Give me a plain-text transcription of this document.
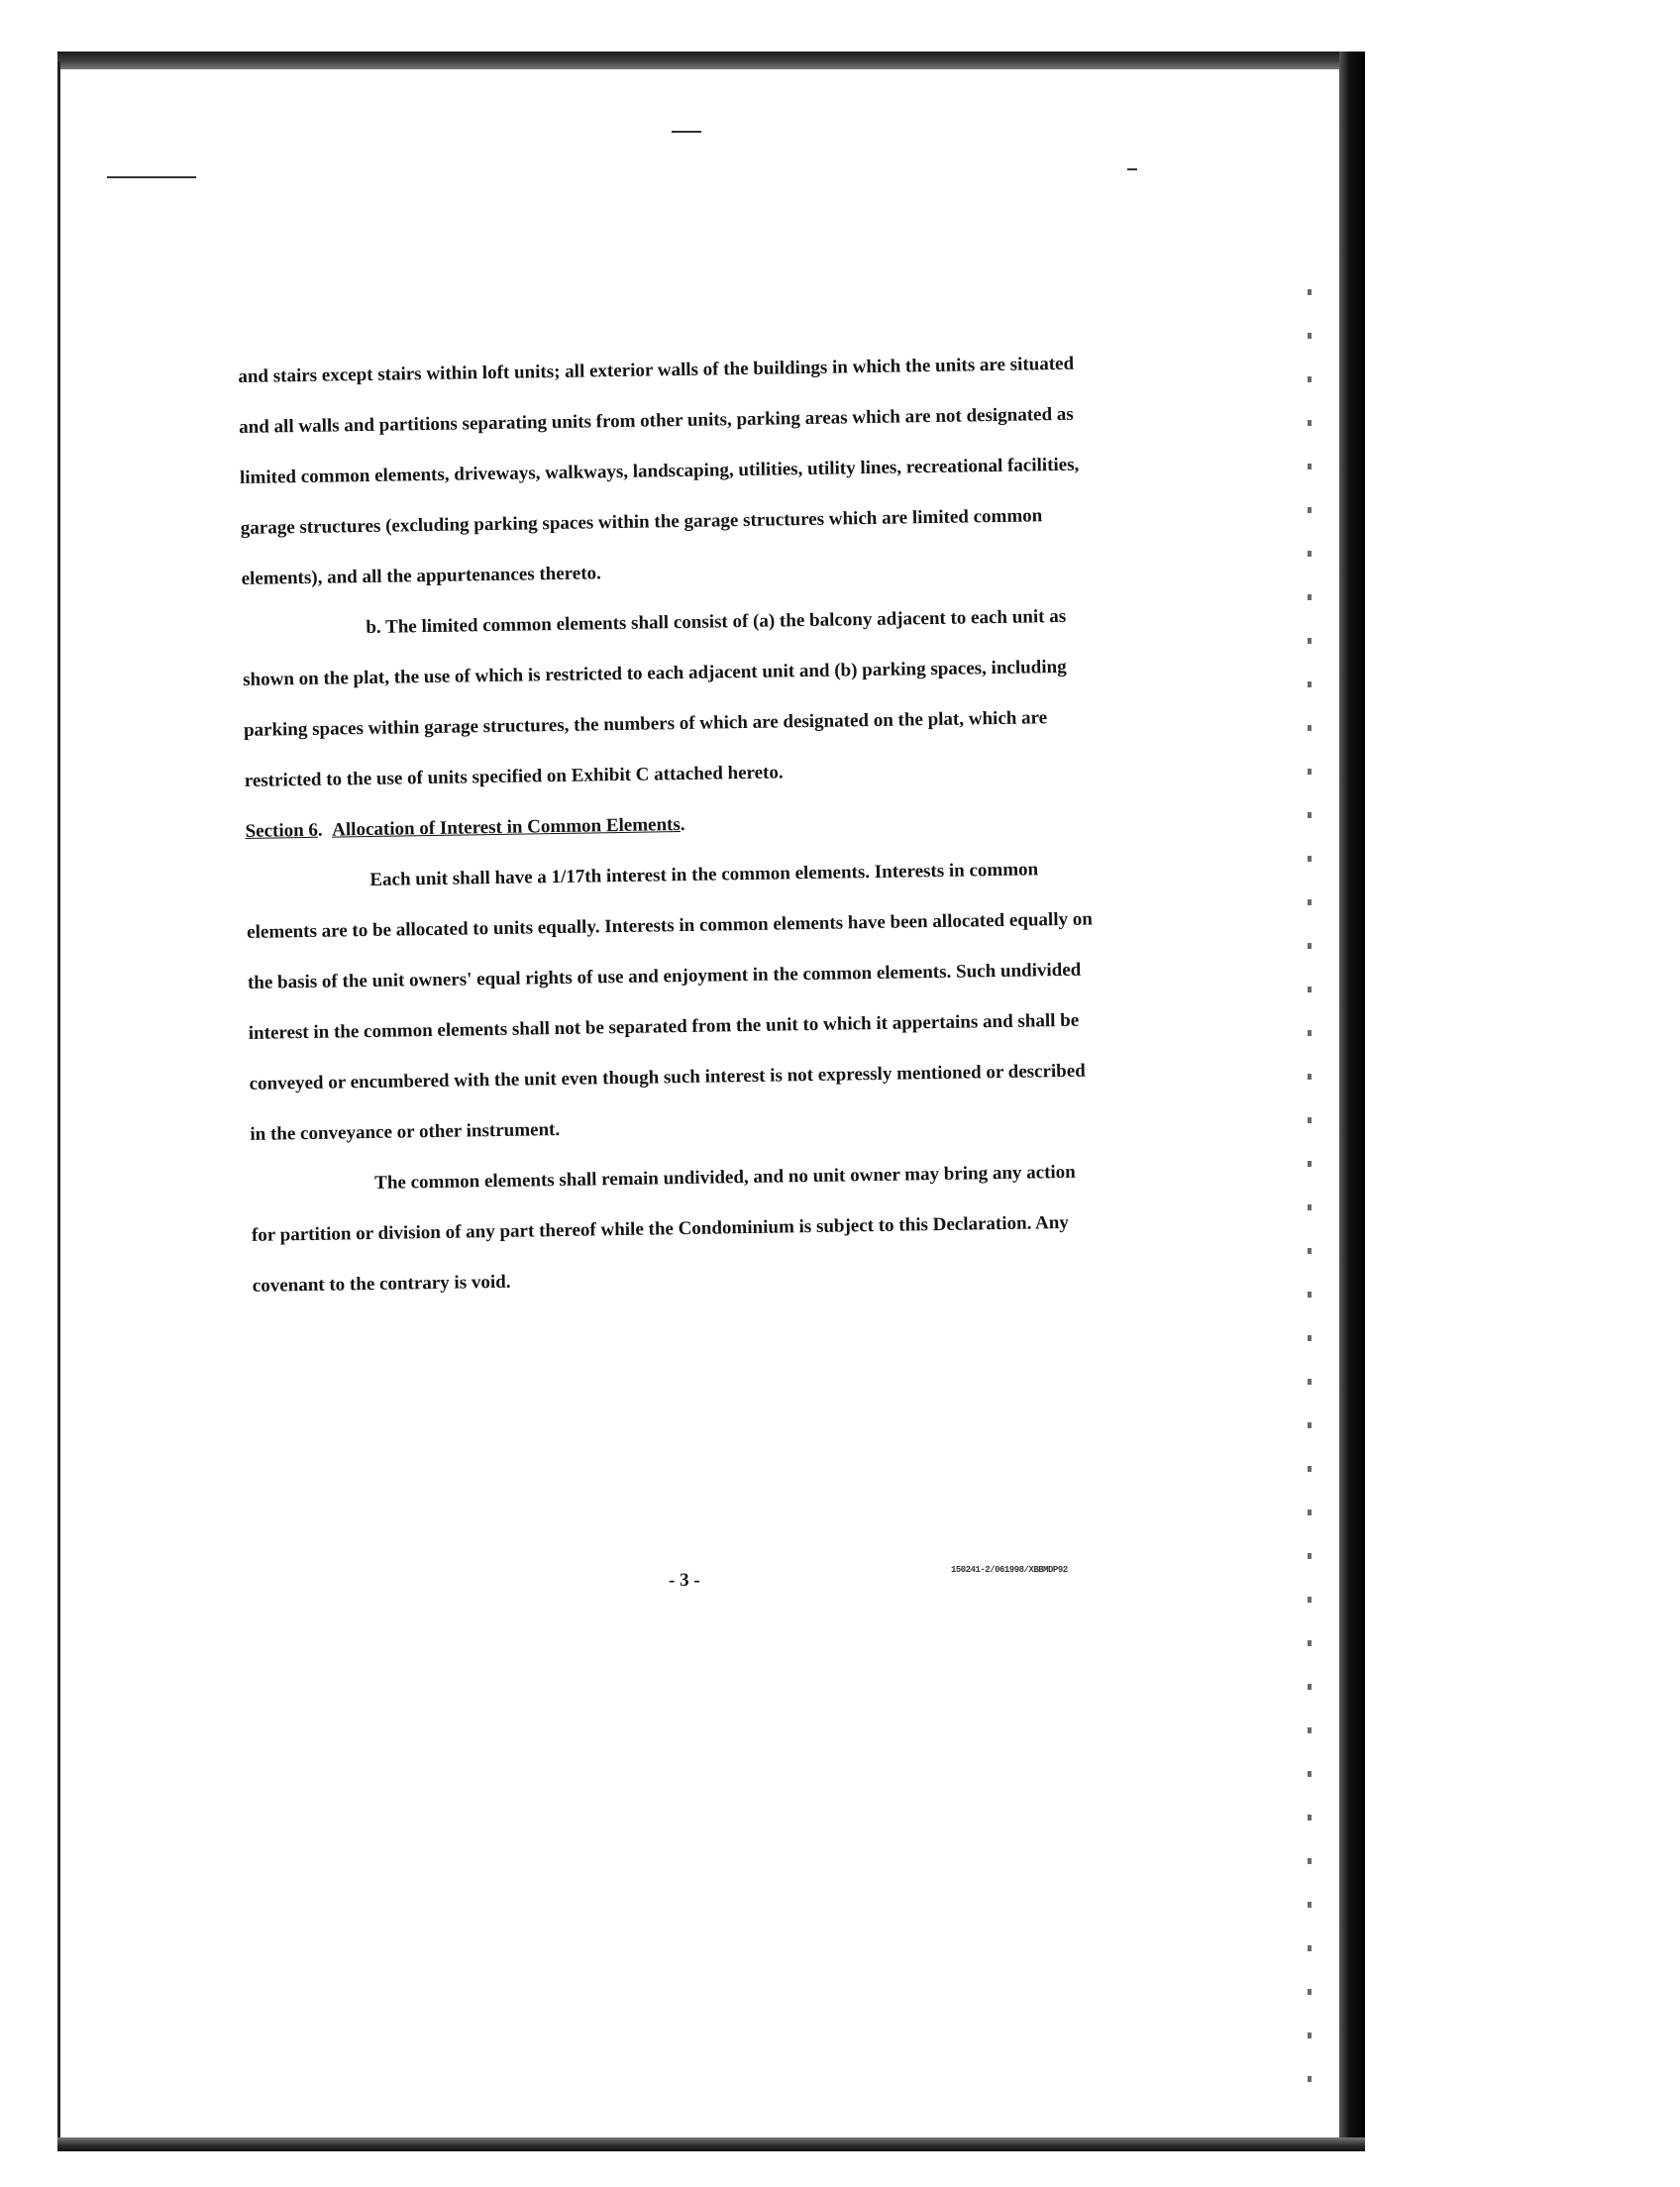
and stairs except stairs within loft units; all exterior walls of the buildings in which the units are situated and all walls and partitions separating units from other units, parking areas which are not designated as limited common elements, driveways, walkways, landscaping, utilities, utility lines, recreational facilities, garage structures (excluding parking spaces within the garage structures which are limited common elements), and all the appurtenances thereto.

b. The limited common elements shall consist of (a) the balcony adjacent to each unit as shown on the plat, the use of which is restricted to each adjacent unit and (b) parking spaces, including parking spaces within garage structures, the numbers of which are designated on the plat, which are restricted to the use of units specified on Exhibit C attached hereto.

Section 6.  Allocation of Interest in Common Elements.

Each unit shall have a 1/17th interest in the common elements. Interests in common elements are to be allocated to units equally. Interests in common elements have been allocated equally on the basis of the unit owners' equal rights of use and enjoyment in the common elements. Such undivided interest in the common elements shall not be separated from the unit to which it appertains and shall be conveyed or encumbered with the unit even though such interest is not expressly mentioned or described in the conveyance or other instrument.

The common elements shall remain undivided, and no unit owner may bring any action for partition or division of any part thereof while the Condominium is subject to this Declaration. Any covenant to the contrary is void.

- 3 -	150241-2/061998/XBBMDP92
